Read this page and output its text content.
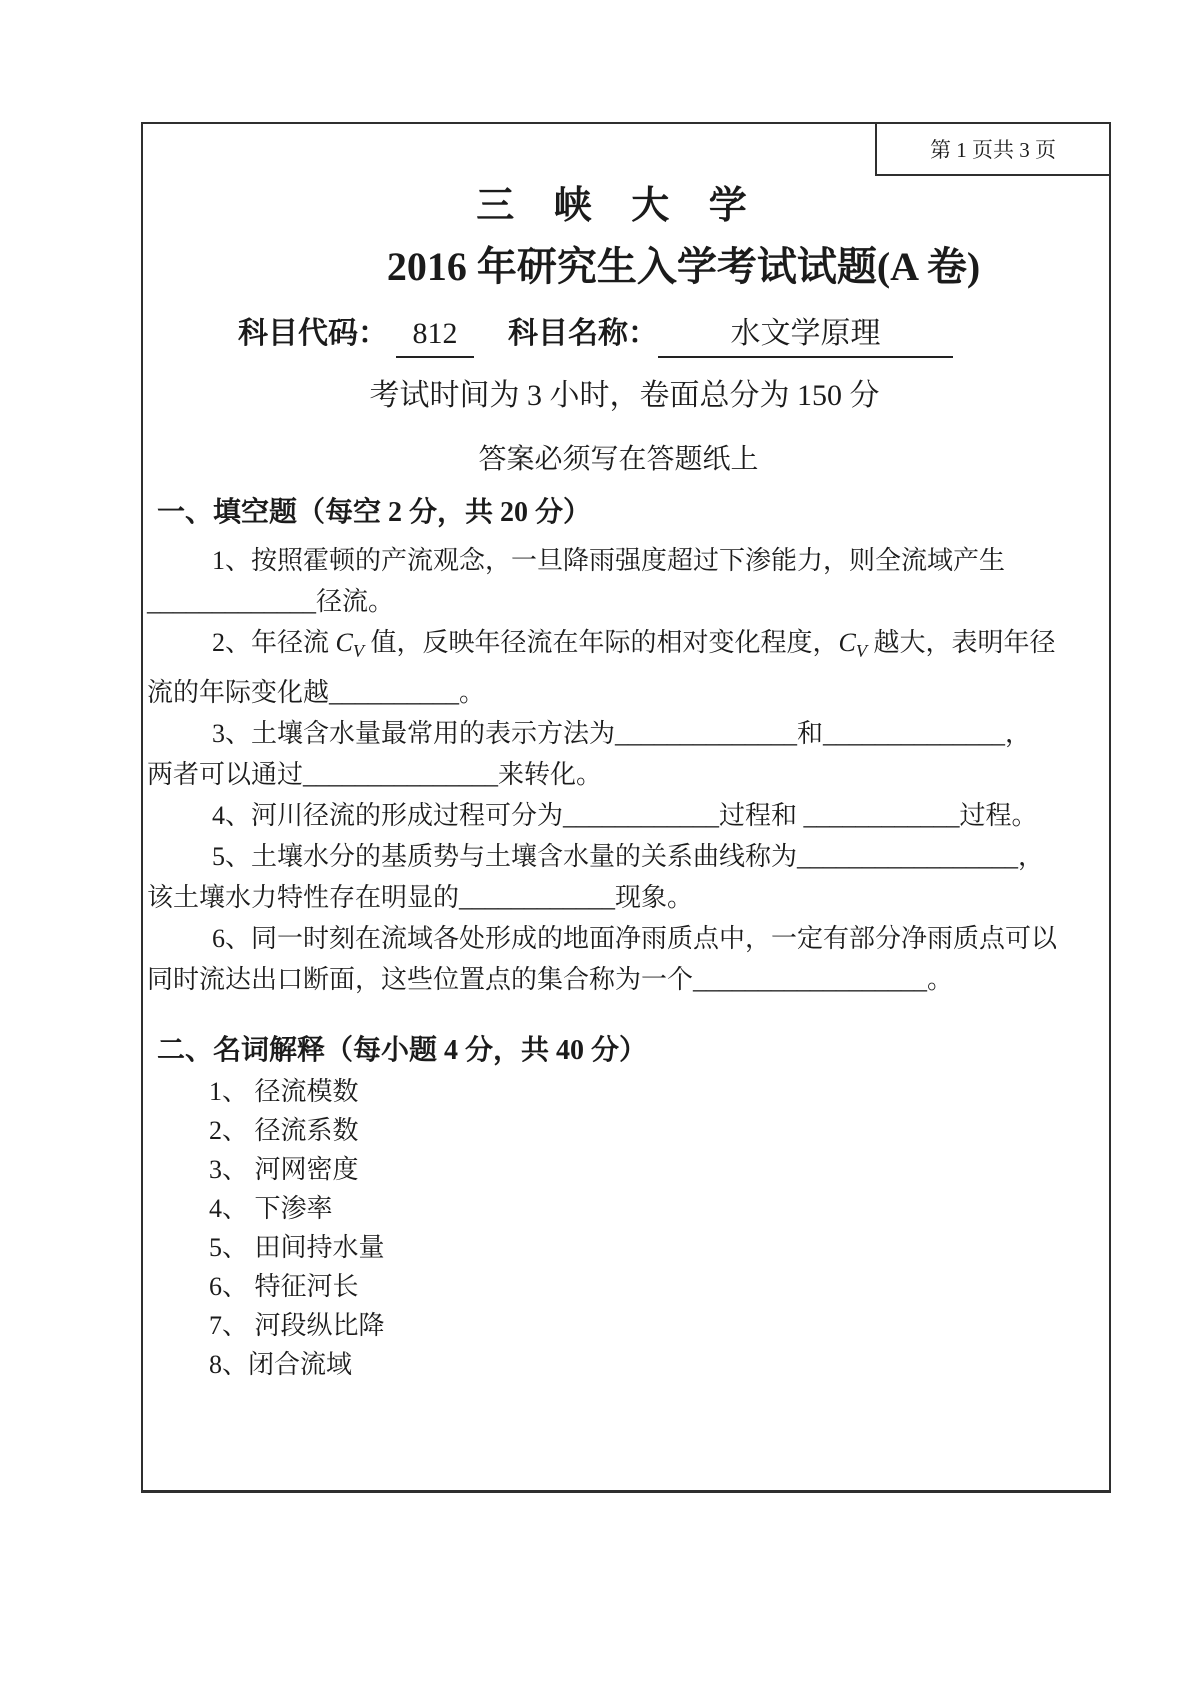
第 1 页共 3 页
三 峡 大 学
2016 年研究生入学考试试题(A 卷)
科目代码： 812 科目名称： 水文学原理
考试时间为 3 小时，卷面总分为 150 分
答案必须写在答题纸上
一、填空题（每空 2 分，共 20 分）
1、按照霍顿的产流观念，一旦降雨强度超过下渗能力，则全流域产生
_____________径流。
2、年径流 $C_V$ 值，反映年径流在年际的相对变化程度，$C_V$ 越大，表明年径
流的年际变化越__________。
3、土壤含水量最常用的表示方法为______________和______________，
两者可以通过_______________来转化。
4、河川径流的形成过程可分为____________过程和 ____________过程。
5、土壤水分的基质势与土壤含水量的关系曲线称为_________________，
该土壤水力特性存在明显的____________现象。
6、同一时刻在流域各处形成的地面净雨质点中，一定有部分净雨质点可以
同时流达出口断面，这些位置点的集合称为一个__________________。
二、名词解释（每小题 4 分，共 40 分）
1、 径流模数
2、 径流系数
3、 河网密度
4、 下渗率
5、 田间持水量
6、 特征河长
7、 河段纵比降
8、闭合流域
